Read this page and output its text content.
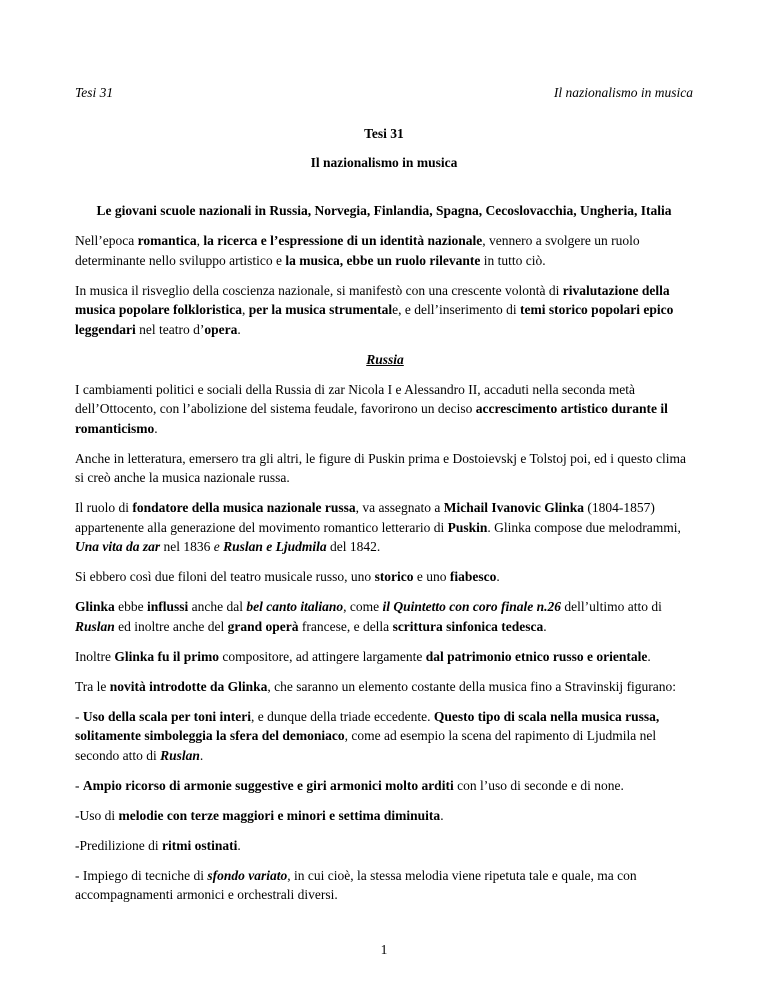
Tesi 31	Il nazionalismo in musica
Tesi 31
Il nazionalismo in musica
Le giovani scuole nazionali in Russia, Norvegia, Finlandia, Spagna, Cecoslovacchia, Ungheria, Italia

Nell’epoca romantica, la ricerca e l’espressione di un identità nazionale, vennero a svolgere un ruolo determinante nello sviluppo artistico e la musica, ebbe un ruolo rilevante in tutto ciò.

In musica il risveglio della coscienza nazionale, si manifestò con una crescente volontà di rivalutazione della musica popolare folkloristica, per la musica strumentale, e dell’inserimento di temi storico popolari epico leggendari nel teatro d’opera.

Russia

I cambiamenti politici e sociali della Russia di zar Nicola I e Alessandro II, accaduti nella seconda metà dell’Ottocento, con l’abolizione del sistema feudale, favorirono un deciso accrescimento artistico durante il romanticismo.

Anche in letteratura, emersero tra gli altri, le figure di Puskin prima e Dostoievskj e Tolstoj poi, ed i questo clima si creò anche la musica nazionale russa.

Il ruolo di fondatore della musica nazionale russa, va assegnato a Michail Ivanovic Glinka (1804-1857) appartenente alla generazione del movimento romantico letterario di Puskin. Glinka compose due melodrammi, Una vita da zar nel 1836 e Ruslan e Ljudmila del 1842.

Si ebbero così due filoni del teatro musicale russo, uno storico e uno fiabesco.

Glinka ebbe influssi anche dal bel canto italiano, come il Quintetto con coro finale n.26 dell’ultimo atto di Ruslan ed inoltre anche del grand operà francese, e della scrittura sinfonica tedesca.

Inoltre Glinka fu il primo compositore, ad attingere largamente dal patrimonio etnico russo e orientale.

Tra le novità introdotte da Glinka, che saranno un elemento costante della musica fino a Stravinskij figurano:

- Uso della scala per toni interi, e dunque della triade eccedente. Questo tipo di scala nella musica russa, solitamente simboleggia la sfera del demoniaco, come ad esempio la scena del rapimento di Ljudmila nel secondo atto di Ruslan.

- Ampio ricorso di armonie suggestive e giri armonici molto arditi con l’uso di seconde e di none.

-Uso di melodie con terze maggiori e minori e settima diminuita.

-Predilizione di ritmi ostinati.

- Impiego di tecniche di sfondo variato, in cui cioè, la stessa melodia viene ripetuta tale e quale, ma con accompagnamenti armonici e orchestrali diversi.

1
